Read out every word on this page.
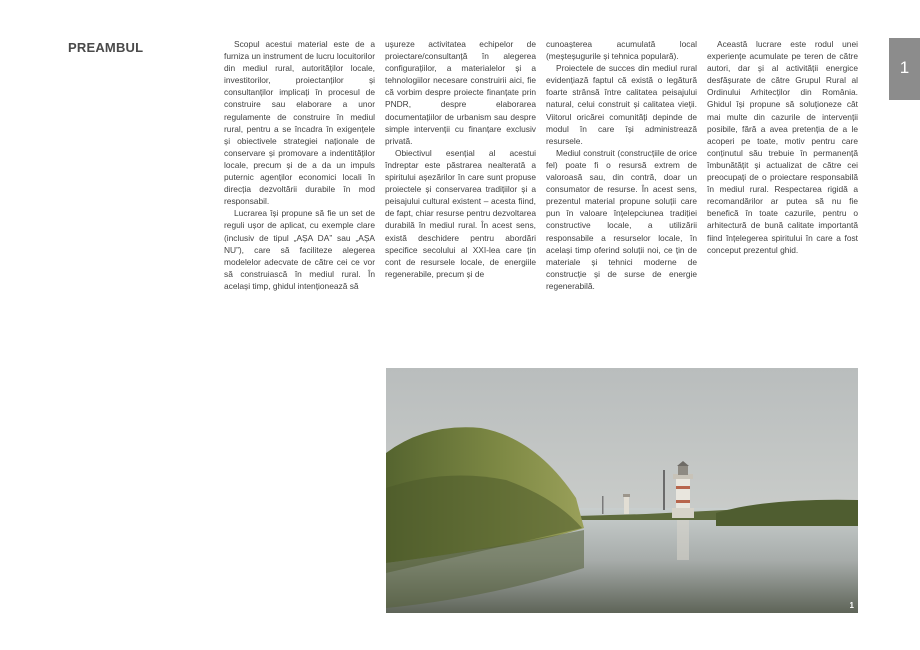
PREAMBUL	Scopul acestui material este de a furniza un instrument de lucru locuitorilor din mediul rural, autorităților locale, investitorilor, proiectanților și consultanților implicați în procesul de construire sau elaborare a unor regulamente de construire în mediul rural, pentru a se încadra în exigențele și obiectivele strategiei naționale de conservare și promovare a indentităților locale, precum și de a da un impuls puternic agenților economici locali în direcția dezvoltării durabile în mod responsabil.

Lucrarea își propune să fie un set de reguli ușor de aplicat, cu exemple clare (inclusiv de tipul „AȘA DA” sau „AȘA NU”), care să faciliteze alegerea modelelor adecvate de către cei ce vor să construiască în mediul rural. În același timp, ghidul intenționează să

ușureze activitatea echipelor de proiectare/consultanță în alegerea configurațiilor, a materialelor și a tehnologiilor necesare construirii aici, fie că vorbim despre proiecte finanțate prin PNDR, despre elaborarea documentațiilor de urbanism sau despre simple intervenții cu finanțare exclusiv privată.

Obiectivul esențial al acestui îndreptar este păstrarea nealterată a spiritului așezărilor în care sunt propuse proiectele și conservarea tradițiilor și a peisajului cultural existent – acesta fiind, de fapt, chiar resurse pentru dezvoltarea durabilă în mediul rural. În acest sens, există deschidere pentru abordări specifice secolului al XXI-lea care țin cont de resursele locale, de energiile regenerabile, precum și de

cunoașterea acumulată local (meșteșugurile și tehnica populară).

Proiectele de succes din mediul rural evidențiază faptul că există o legătură foarte strânsă între calitatea peisajului natural, celui construit și calitatea vieții. Viitorul oricărei comunități depinde de modul în care își administrează resursele.

Mediul construit (construcțiile de orice fel) poate fi o resursă extrem de valoroasă sau, din contră, doar un consumator de resurse. În acest sens, prezentul material propune soluții care pun în valoare înțelepciunea tradiției constructive locale, a utilizării responsabile a resurselor locale, în același timp oferind soluții noi, ce țin de materiale și tehnici moderne de construcție și de surse de energie regenerabilă.

Această lucrare este rodul unei experiențe acumulate pe teren de către autori, dar și al activității energice desfășurate de către Grupul Rural al Ordinului Arhitecților din România. Ghidul își propune să soluționeze cât mai multe din cazurile de intervenții posibile, fără a avea pretenția de a le acoperi pe toate, motiv pentru care conținutul său trebuie în permanență îmbunătățit și actualizat de către cei preocupați de o proiectare responsabilă în mediul rural. Respectarea rigidă a recomandărilor ar putea să nu fie benefică în toate cazurile, pentru o arhitectură de bună calitate importantă fiind înțelegerea spiritului în care a fost conceput prezentul ghid.

1
1
